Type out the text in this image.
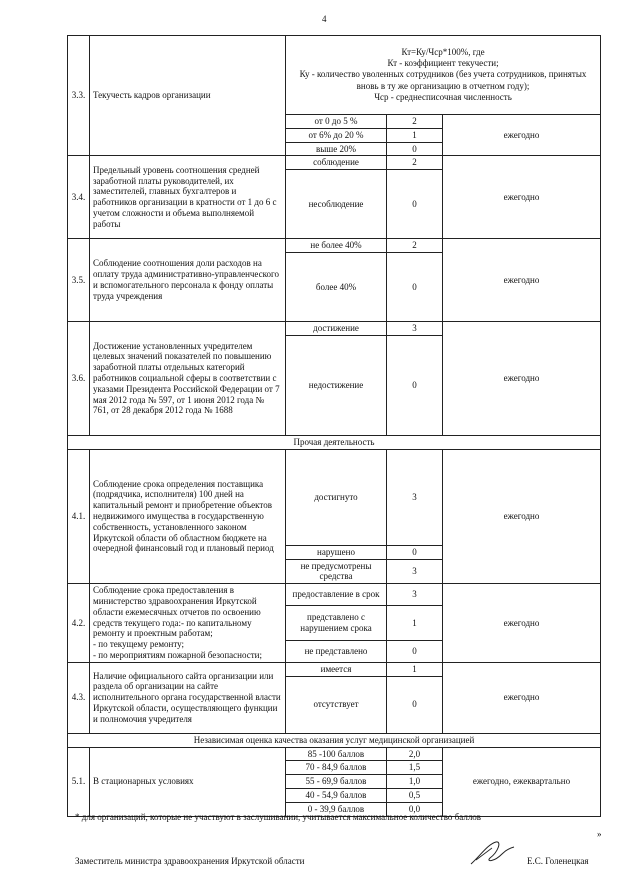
4
3.3.	Текучесть кадров организации	Кт=Ку/Чср*100%, где
Кт - коэффициент текучести;
Ку - количество уволенных сотрудников (без учета сотрудников, принятых вновь в ту же организацию в отчетном году);
Чср - среднесписочная численность		

		от 0 до 5 %	2	ежегодно
		от 6% до 20 %	1	
		выше 20%	0	
3.4.	Предельный уровень соотношения средней заработной платы руководителей, их заместителей, главных бухгалтеров и работников организации в кратности от 1 до 6 с учетом сложности и объема выполняемой работы	соблюдение	2	ежегодно
		несоблюдение	0	
3.5.	Соблюдение соотношения доли расходов на оплату труда административно-управленческого и вспомогательного персонала к фонду оплаты труда учреждения	не более 40%	2	ежегодно
		более 40%	0	
3.6.	Достижение установленных учредителем целевых значений показателей по повышению заработной платы отдельных категорий работников социальной сферы в соответствии с указами Президента Российской Федерации от 7 мая 2012 года № 597, от 1 июня 2012 года № 761, от 28 декабря 2012 года № 1688	достижение	3	ежегодно
		недостижение	0	
Прочая деятельность				
4.1.	Соблюдение срока определения поставщика (подрядчика, исполнителя) 100 дней на капитальный ремонт и приобретение объектов недвижимого имущества в государственную собственность, установленного законом Иркутской области об областном бюджете на очередной финансовый год и плановый период	достигнуто	3	ежегодно
		нарушено	0	
		не предусмотрены средства	3	
4.2.	Соблюдение срока предоставления в министерство здравоохранения Иркутской области ежемесячных отчетов по освоению средств текущего года:- по капитальному ремонту и проектным работам;
- по текущему ремонту;
- по мероприятиям пожарной безопасности;	предоставление в срок	3	ежегодно
		представлено с нарушением срока	1	
		не представлено	0	
4.3.	Наличие официального сайта организации или раздела об организации на сайте исполнительного органа государственной власти Иркутской области, осуществляющего функции и полномочия учредителя	имеется	1	ежегодно
		отсутствует	0	
Независимая оценка качества оказания услуг медицинской организацией				
5.1.	В стационарных условиях	85 -100 баллов	2,0	ежегодно, ежеквартально
		70 - 84,9 баллов	1,5	
		55 - 69,9 баллов	1,0	
		40 - 54,9 баллов	0,5	
		0 - 39,9 баллов	0,0	
* для организаций, которые не участвуют в заслушивании, учитывается максимальное количество баллов
»
Заместитель министра здравоохранения Иркутской области	Е.С. Голенецкая
